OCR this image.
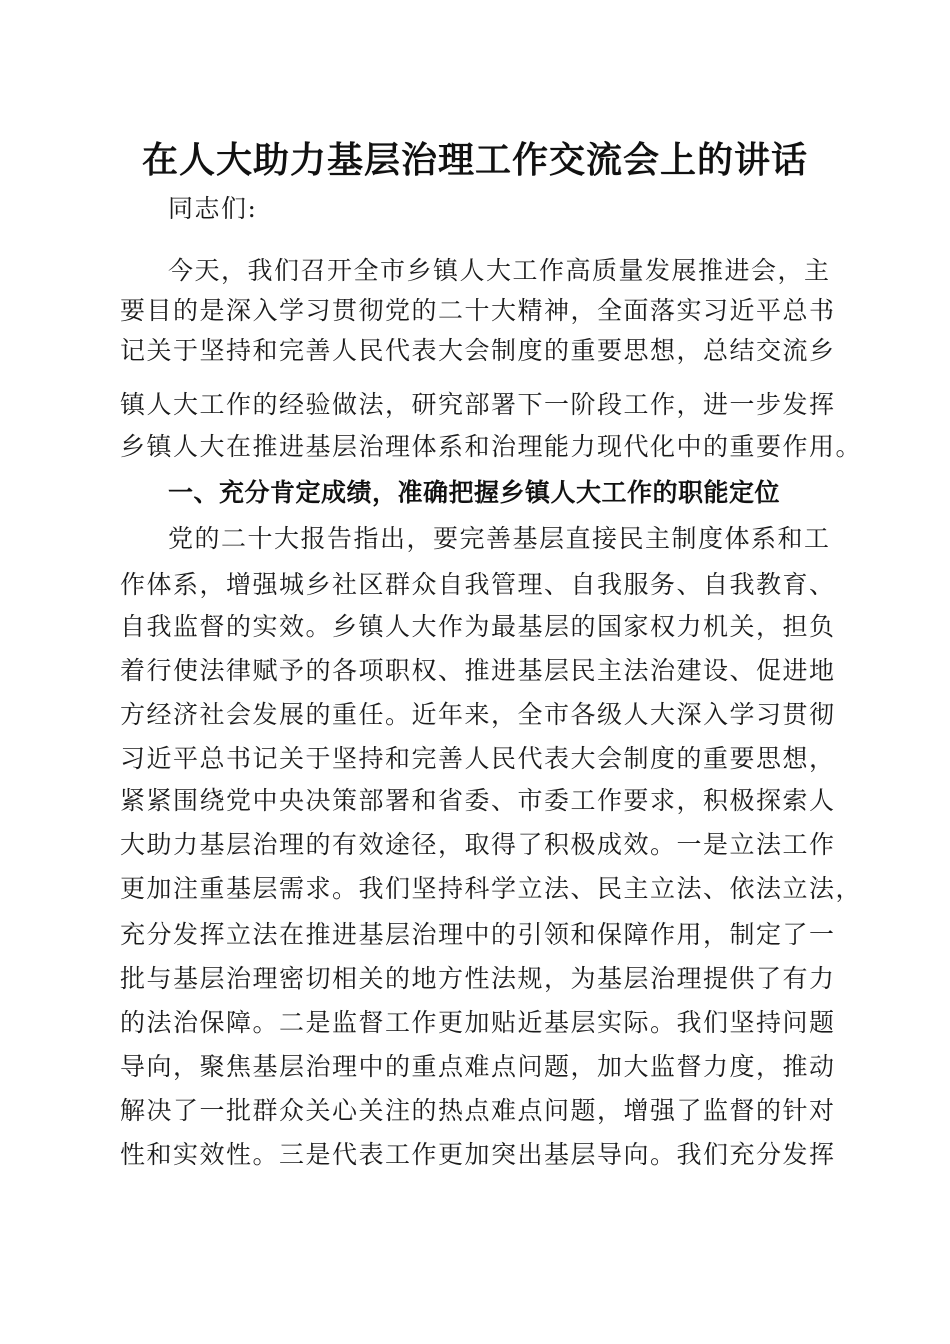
在人大助力基层治理工作交流会上的讲话
同志们:
今天，我们召开全市乡镇人大工作高质量发展推进会，主
要目的是深入学习贯彻党的二十大精神，全面落实习近平总书
记关于坚持和完善人民代表大会制度的重要思想，总结交流乡
镇人大工作的经验做法，研究部署下一阶段工作，进一步发挥
乡镇人大在推进基层治理体系和治理能力现代化中的重要作用。
一、充分肯定成绩，准确把握乡镇人大工作的职能定位
党的二十大报告指出，要完善基层直接民主制度体系和工
作体系，增强城乡社区群众自我管理、自我服务、自我教育、
自我监督的实效。乡镇人大作为最基层的国家权力机关，担负
着行使法律赋予的各项职权、推进基层民主法治建设、促进地
方经济社会发展的重任。近年来，全市各级人大深入学习贯彻
习近平总书记关于坚持和完善人民代表大会制度的重要思想，
紧紧围绕党中央决策部署和省委、市委工作要求，积极探索人
大助力基层治理的有效途径，取得了积极成效。一是立法工作
更加注重基层需求。我们坚持科学立法、民主立法、依法立法，
充分发挥立法在推进基层治理中的引领和保障作用，制定了一
批与基层治理密切相关的地方性法规，为基层治理提供了有力
的法治保障。二是监督工作更加贴近基层实际。我们坚持问题
导向，聚焦基层治理中的重点难点问题，加大监督力度，推动
解决了一批群众关心关注的热点难点问题，增强了监督的针对
性和实效性。三是代表工作更加突出基层导向。我们充分发挥
